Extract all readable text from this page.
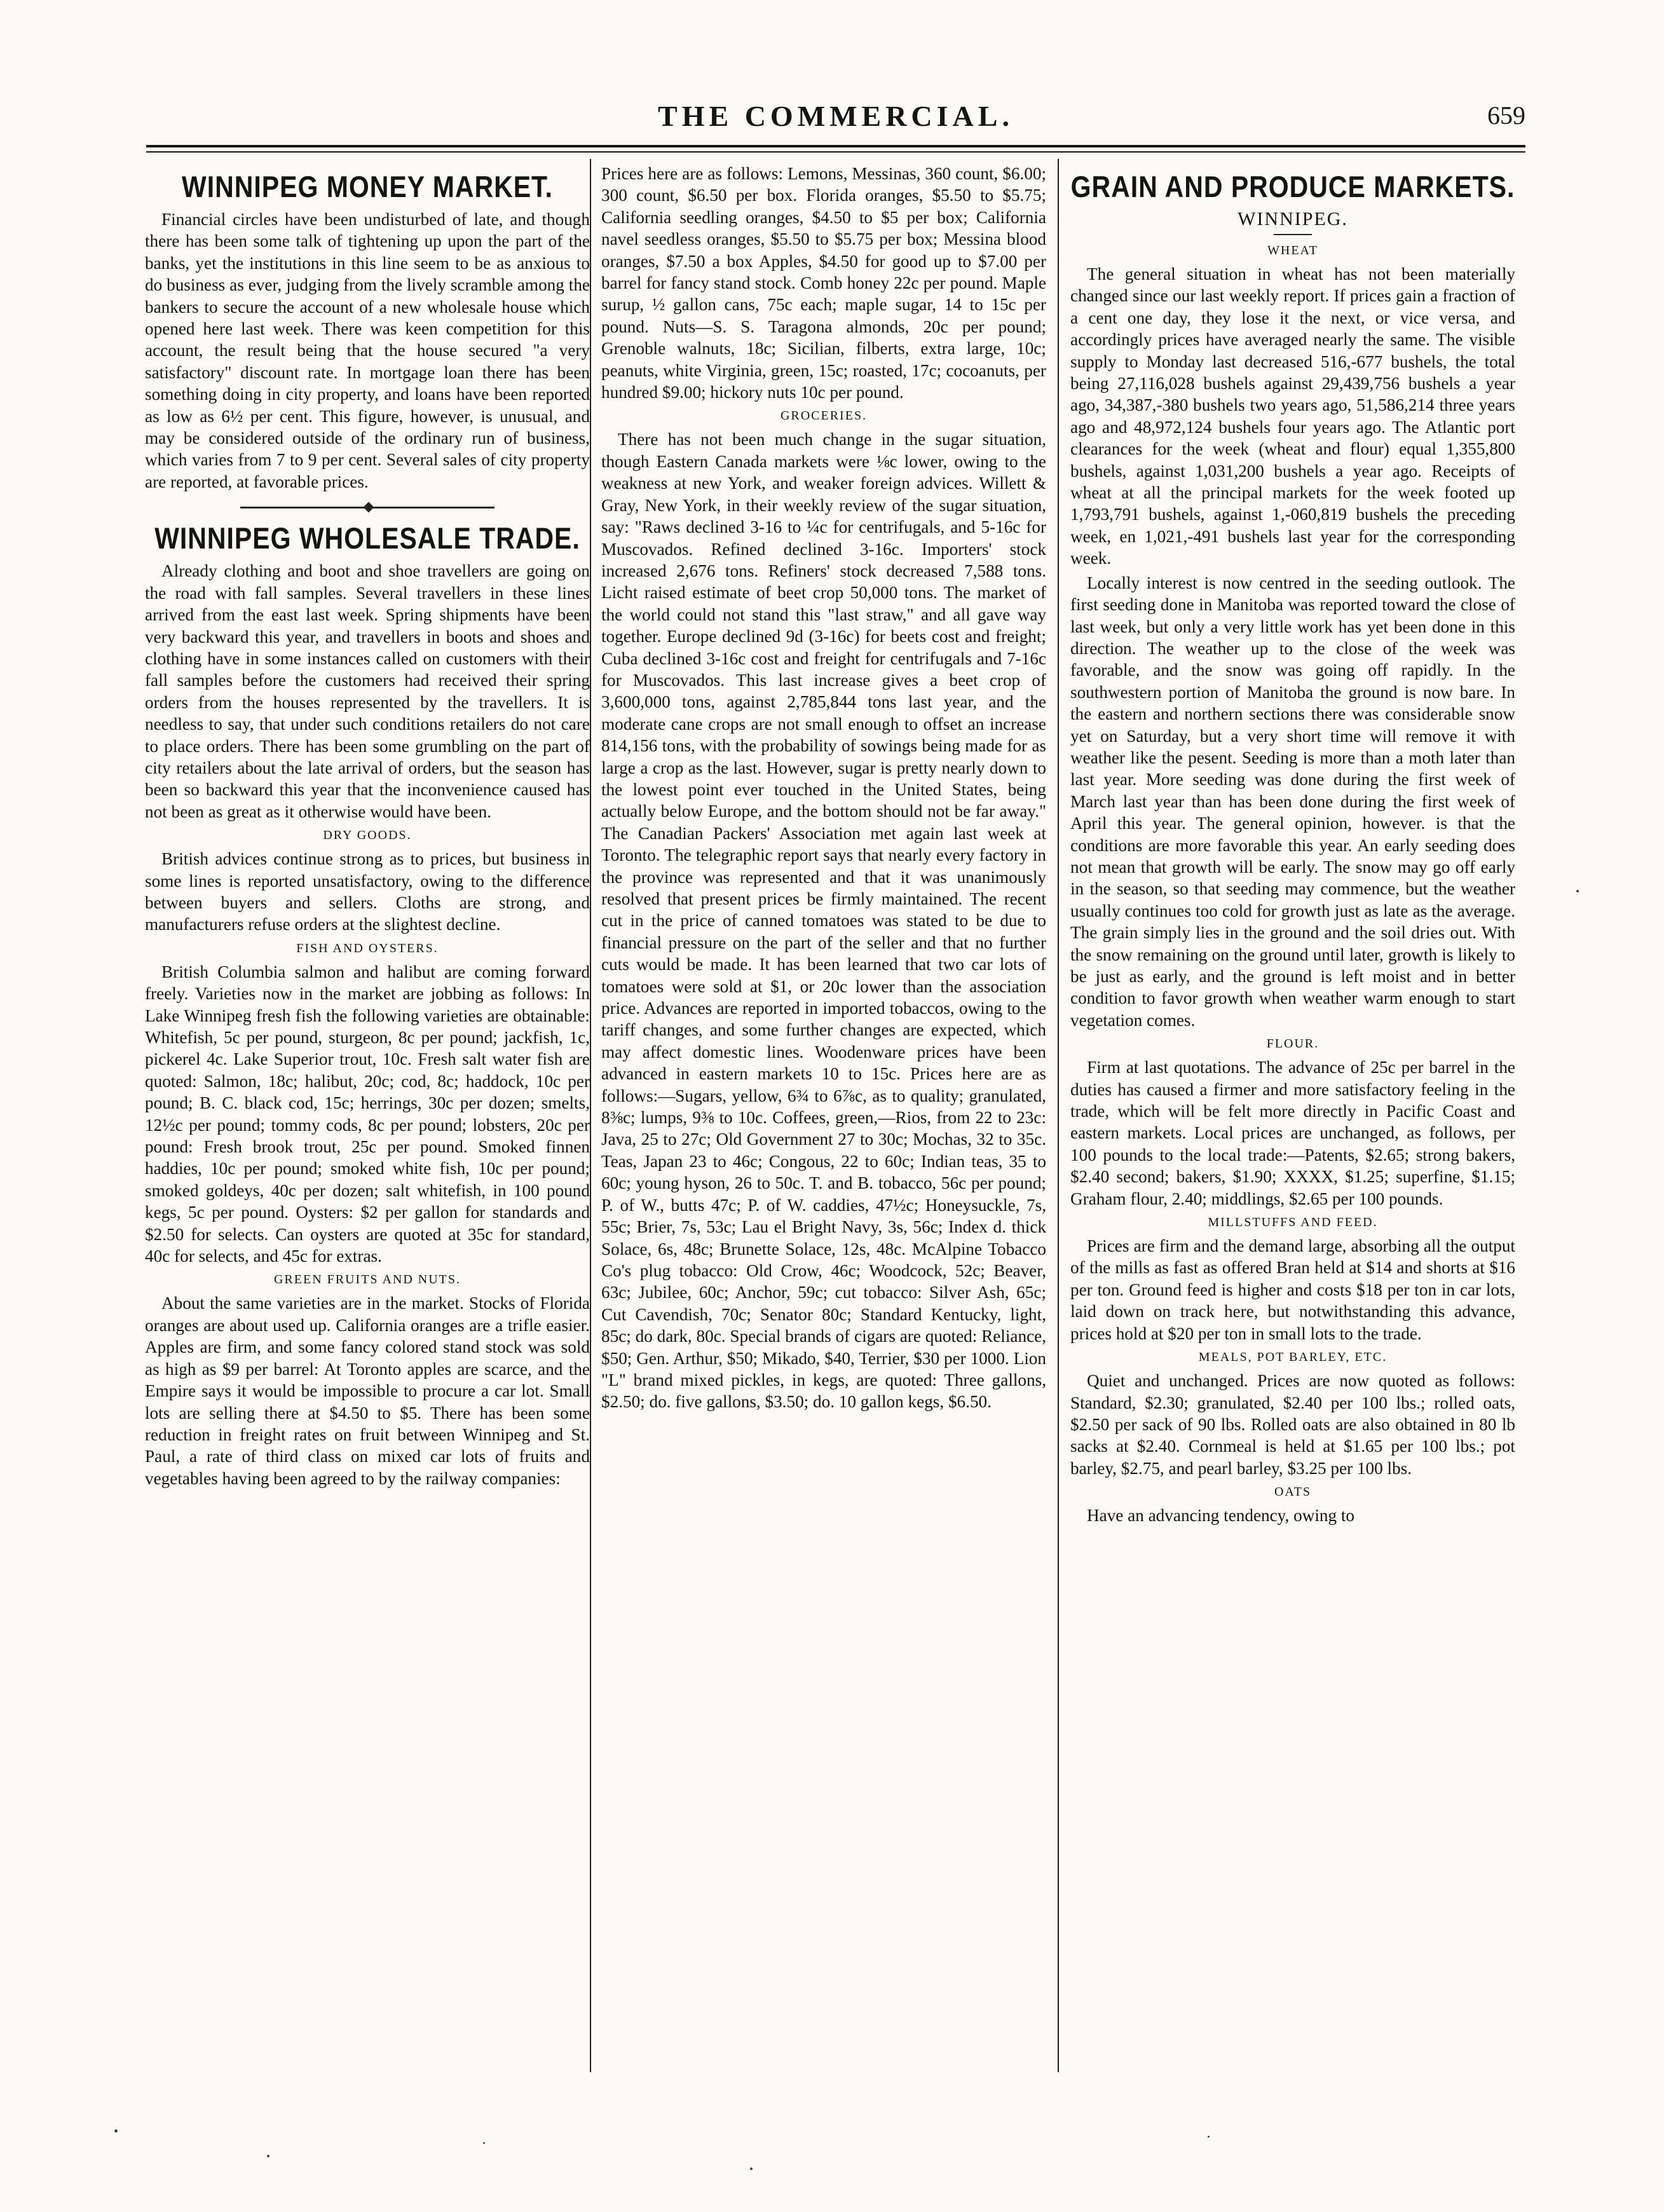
THE COMMERCIAL.	659
WINNIPEG MONEY MARKET.

Financial circles have been undisturbed of late, and though there has been some talk of tightening up upon the part of the banks, yet the institutions in this line seem to be as anxious to do business as ever, judging from the lively scramble among the bankers to secure the account of a new wholesale house which opened here last week. There was keen competition for this account, the result being that the house secured "a very satisfactory" discount rate. In mortgage loan there has been something doing in city property, and loans have been reported as low as 6½ per cent. This figure, however, is unusual, and may be considered outside of the ordinary run of business, which varies from 7 to 9 per cent. Several sales of city property are reported, at favorable prices.

WINNIPEG WHOLESALE TRADE.

Already clothing and boot and shoe travellers are going on the road with fall samples. Several travellers in these lines arrived from the east last week. Spring shipments have been very backward this year, and travellers in boots and shoes and clothing have in some instances called on customers with their fall samples before the customers had received their spring orders from the houses represented by the travellers. It is needless to say, that under such conditions retailers do not care to place orders. There has been some grumbling on the part of city retailers about the late arrival of orders, but the season has been so backward this year that the inconvenience caused has not been as great as it otherwise would have been.

DRY GOODS.

British advices continue strong as to prices, but business in some lines is reported unsatisfactory, owing to the difference between buyers and sellers. Cloths are strong, and manufacturers refuse orders at the slightest decline.

FISH AND OYSTERS.

British Columbia salmon and halibut are coming forward freely. Varieties now in the market are jobbing as follows: In Lake Winnipeg fresh fish the following varieties are obtainable: Whitefish, 5c per pound, sturgeon, 8c per pound; jackfish, 1c, pickerel 4c. Lake Superior trout, 10c. Fresh salt water fish are quoted: Salmon, 18c; halibut, 20c; cod, 8c; haddock, 10c per pound; B. C. black cod, 15c; herrings, 30c per dozen; smelts, 12½c per pound; tommy cods, 8c per pound; lobsters, 20c per pound: Fresh brook trout, 25c per pound. Smoked finnen haddies, 10c per pound; smoked white fish, 10c per pound; smoked goldeys, 40c per dozen; salt whitefish, in 100 pound kegs, 5c per pound. Oysters: $2 per gallon for standards and $2.50 for selects. Can oysters are quoted at 35c for standard, 40c for selects, and 45c for extras.

GREEN FRUITS AND NUTS.

About the same varieties are in the market. Stocks of Florida oranges are about used up. California oranges are a trifle easier. Apples are firm, and some fancy colored stand stock was sold as high as $9 per barrel: At Toronto apples are scarce, and the Empire says it would be impossible to procure a car lot. Small lots are selling there at $4.50 to $5. There has been some reduction in freight rates on fruit between Winnipeg and St. Paul, a rate of third class on mixed car lots of fruits and vegetables having been agreed to by the railway companies:

Prices here are as follows: Lemons, Messinas, 360 count, $6.00; 300 count, $6.50 per box. Florida oranges, $5.50 to $5.75; California seedling oranges, $4.50 to $5 per box; California navel seedless oranges, $5.50 to $5.75 per box; Messina blood oranges, $7.50 a box Apples, $4.50 for good up to $7.00 per barrel for fancy stand stock. Comb honey 22c per pound. Maple surup, ½ gallon cans, 75c each; maple sugar, 14 to 15c per pound. Nuts—S. S. Taragona almonds, 20c per pound; Grenoble walnuts, 18c; Sicilian, filberts, extra large, 10c; peanuts, white Virginia, green, 15c; roasted, 17c; cocoanuts, per hundred $9.00; hickory nuts 10c per pound.

GROCERIES.

There has not been much change in the sugar situation, though Eastern Canada markets were ⅛c lower, owing to the weakness at new York, and weaker foreign advices. Willett & Gray, New York, in their weekly review of the sugar situation, say: "Raws declined 3-16 to ¼c for centrifugals, and 5-16c for Muscovados. Refined declined 3-16c. Importers' stock increased 2,676 tons. Refiners' stock decreased 7,588 tons. Licht raised estimate of beet crop 50,000 tons. The market of the world could not stand this "last straw," and all gave way together. Europe declined 9d (3-16c) for beets cost and freight; Cuba declined 3-16c cost and freight for centrifugals and 7-16c for Muscovados. This last increase gives a beet crop of 3,600,000 tons, against 2,785,844 tons last year, and the moderate cane crops are not small enough to offset an increase 814,156 tons, with the probability of sowings being made for as large a crop as the last. However, sugar is pretty nearly down to the lowest point ever touched in the United States, being actually below Europe, and the bottom should not be far away." The Canadian Packers' Association met again last week at Toronto. The telegraphic report says that nearly every factory in the province was represented and that it was unanimously resolved that present prices be firmly maintained. The recent cut in the price of canned tomatoes was stated to be due to financial pressure on the part of the seller and that no further cuts would be made. It has been learned that two car lots of tomatoes were sold at $1, or 20c lower than the association price. Advances are reported in imported tobaccos, owing to the tariff changes, and some further changes are expected, which may affect domestic lines. Woodenware prices have been advanced in eastern markets 10 to 15c. Prices here are as follows:—Sugars, yellow, 6¾ to 6⅞c, as to quality; granulated, 8⅜c; lumps, 9⅜ to 10c. Coffees, green,—Rios, from 22 to 23c: Java, 25 to 27c; Old Government 27 to 30c; Mochas, 32 to 35c. Teas, Japan 23 to 46c; Congous, 22 to 60c; Indian teas, 35 to 60c; young hyson, 26 to 50c. T. and B. tobacco, 56c per pound; P. of W., butts 47c; P. of W. caddies, 47½c; Honeysuckle, 7s, 55c; Brier, 7s, 53c; Lau el Bright Navy, 3s, 56c; Index d. thick Solace, 6s, 48c; Brunette Solace, 12s, 48c. McAlpine Tobacco Co's plug tobacco: Old Crow, 46c; Woodcock, 52c; Beaver, 63c; Jubilee, 60c; Anchor, 59c; cut tobacco: Silver Ash, 65c; Cut Cavendish, 70c; Senator 80c; Standard Kentucky, light, 85c; do dark, 80c. Special brands of cigars are quoted: Reliance, $50; Gen. Arthur, $50; Mikado, $40, Terrier, $30 per 1000. Lion "L" brand mixed pickles, in kegs, are quoted: Three gallons, $2.50; do. five gallons, $3.50; do. 10 gallon kegs, $6.50.

GRAIN AND PRODUCE MARKETS.
WINNIPEG.
WHEAT

The general situation in wheat has not been materially changed since our last weekly report. If prices gain a fraction of a cent one day, they lose it the next, or vice versa, and accordingly prices have averaged nearly the same. The visible supply to Monday last decreased 516,-677 bushels, the total being 27,116,028 bushels against 29,439,756 bushels a year ago, 34,387,-380 bushels two years ago, 51,586,214 three years ago and 48,972,124 bushels four years ago. The Atlantic port clearances for the week (wheat and flour) equal 1,355,800 bushels, against 1,031,200 bushels a year ago. Receipts of wheat at all the principal markets for the week footed up 1,793,791 bushels, against 1,-060,819 bushels the preceding week, en 1,021,-491 bushels last year for the corresponding week.

Locally interest is now centred in the seeding outlook. The first seeding done in Manitoba was reported toward the close of last week, but only a very little work has yet been done in this direction. The weather up to the close of the week was favorable, and the snow was going off rapidly. In the southwestern portion of Manitoba the ground is now bare. In the eastern and northern sections there was considerable snow yet on Saturday, but a very short time will remove it with weather like the pesent. Seeding is more than a moth later than last year. More seeding was done during the first week of March last year than has been done during the first week of April this year. The general opinion, however. is that the conditions are more favorable this year. An early seeding does not mean that growth will be early. The snow may go off early in the season, so that seeding may commence, but the weather usually continues too cold for growth just as late as the average. The grain simply lies in the ground and the soil dries out. With the snow remaining on the ground until later, growth is likely to be just as early, and the ground is left moist and in better condition to favor growth when weather warm enough to start vegetation comes.

FLOUR.

Firm at last quotations. The advance of 25c per barrel in the duties has caused a firmer and more satisfactory feeling in the trade, which will be felt more directly in Pacific Coast and eastern markets. Local prices are unchanged, as follows, per 100 pounds to the local trade:—Patents, $2.65; strong bakers, $2.40 second; bakers, $1.90; XXXX, $1.25; superfine, $1.15; Graham flour, 2.40; middlings, $2.65 per 100 pounds.

MILLSTUFFS AND FEED.

Prices are firm and the demand large, absorbing all the output of the mills as fast as offered Bran held at $14 and shorts at $16 per ton. Ground feed is higher and costs $18 per ton in car lots, laid down on track here, but notwithstanding this advance, prices hold at $20 per ton in small lots to the trade.

MEALS, POT BARLEY, ETC.

Quiet and unchanged. Prices are now quoted as follows: Standard, $2.30; granulated, $2.40 per 100 lbs.; rolled oats, $2.50 per sack of 90 lbs. Rolled oats are also obtained in 80 lb sacks at $2.40. Cornmeal is held at $1.65 per 100 lbs.; pot barley, $2.75, and pearl barley, $3.25 per 100 lbs.

OATS

Have an advancing tendency, owing to
